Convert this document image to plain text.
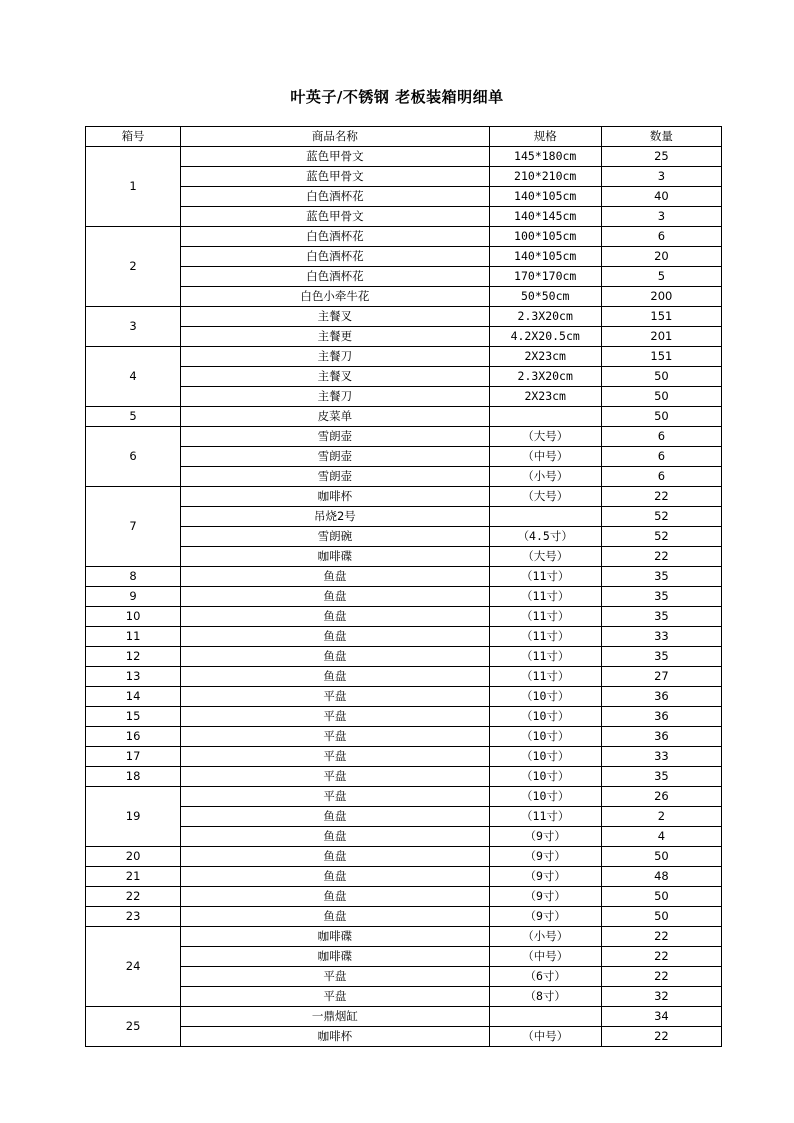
叶英子/不锈钢 老板装箱明细单
箱号	商品名称	规格	数量
1	蓝色甲骨文	145*180cm	25
	蓝色甲骨文	210*210cm	3
	白色酒杯花	140*105cm	40
	蓝色甲骨文	140*145cm	3
2	白色酒杯花	100*105cm	6
	白色酒杯花	140*105cm	20
	白色酒杯花	170*170cm	5
	白色小牵牛花	50*50cm	200
3	主餐叉	2.3X20cm	151
	主餐更	4.2X20.5cm	201
4	主餐刀	2X23cm	151
	主餐叉	2.3X20cm	50
	主餐刀	2X23cm	50
5	皮菜单		50
6	雪朗壶	（大号）	6
	雪朗壶	（中号）	6
	雪朗壶	（小号）	6
7	咖啡杯	（大号）	22
	吊烧2号		52
	雪朗碗	（4.5寸）	52
	咖啡碟	（大号）	22
8	鱼盘	（11寸）	35
9	鱼盘	（11寸）	35
10	鱼盘	（11寸）	35
11	鱼盘	（11寸）	33
12	鱼盘	（11寸）	35
13	鱼盘	（11寸）	27
14	平盘	（10寸）	36
15	平盘	（10寸）	36
16	平盘	（10寸）	36
17	平盘	（10寸）	33
18	平盘	（10寸）	35
19	平盘	（10寸）	26
	鱼盘	（11寸）	2
	鱼盘	（9寸）	4
20	鱼盘	（9寸）	50
21	鱼盘	（9寸）	48
22	鱼盘	（9寸）	50
23	鱼盘	（9寸）	50
24	咖啡碟	（小号）	22
	咖啡碟	（中号）	22
	平盘	（6寸）	22
	平盘	（8寸）	32
25	一鼎烟缸		34
	咖啡杯	（中号）	22
